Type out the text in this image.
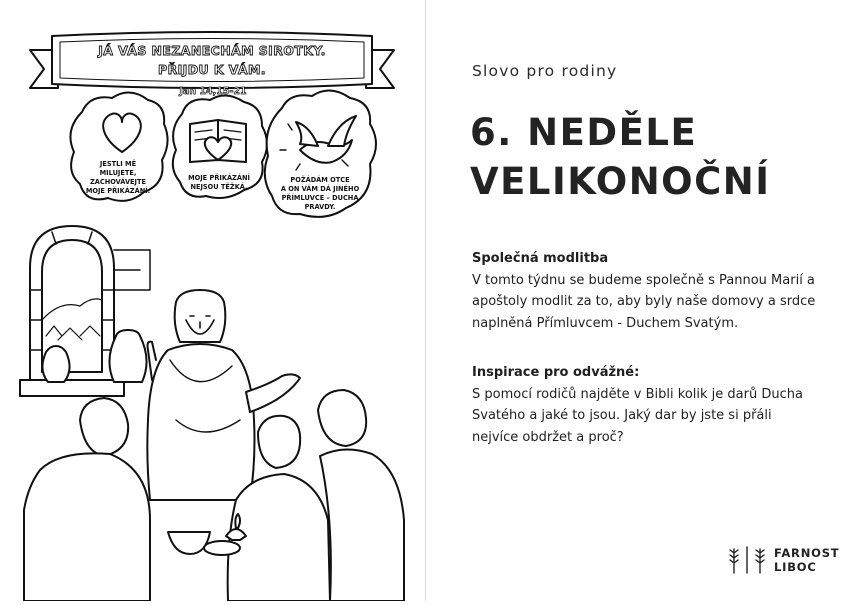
JÁ VÁS NEZANECHÁM SIROTKY.
PŘIJDU K VÁM.
Jan 14,15-21
JESTLI MĚ
MILUJETE,
ZACHOVÁVEJTE
MOJE PŘIKÁZÁNÍ.
MOJE PŘIKÁZÁNÍ
NEJSOU TĚŽKÁ.
POŽÁDÁM OTCE
A ON VÁM DÁ JINÉHO
PŘÍMLUVCE – DUCHA
PRAVDY.
Slovo pro rodiny
6. NEDĚLE
VELIKONOČNÍ
Společná modlitba

V tomto týdnu se budeme společně s Pannou Marií a apoštoly modlit za to, aby byly naše domovy a srdce naplněná Přímluvcem - Duchem Svatým.

Inspirace pro odvážné:

S pomocí rodičů najděte v Bibli kolik je darů Ducha Svatého a jaké to jsou. Jaký dar by jste si přáli nejvíce obdržet a proč?

FARNOST
LIBOC
